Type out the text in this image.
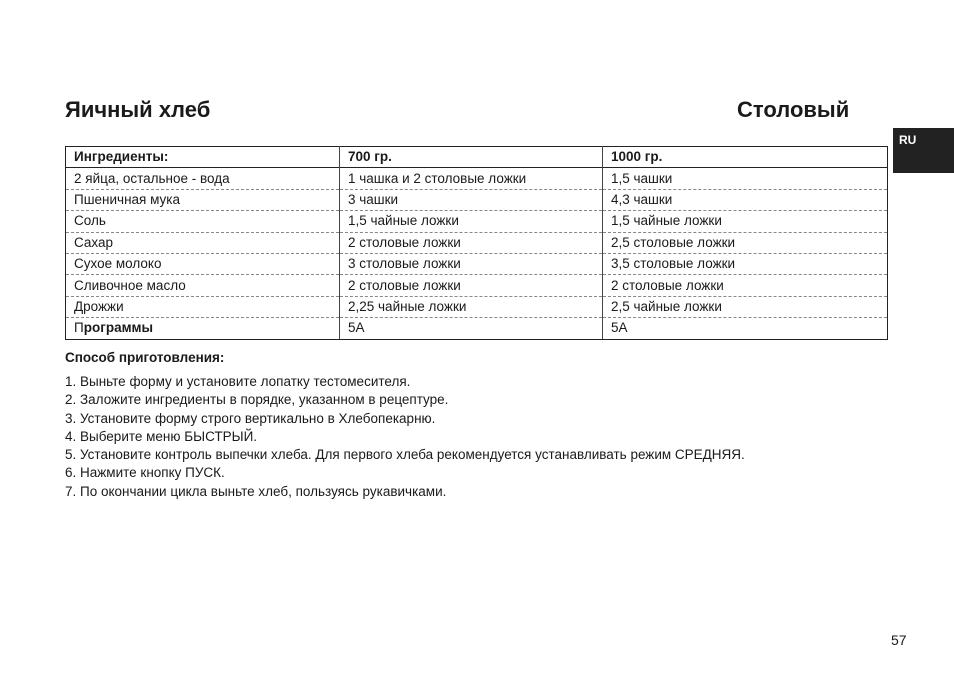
Яичный хлеб	Столовый
RU
Ингредиенты:	700 гр.	1000 гр.
2 яйца, остальное - вода	1 чашка и 2 столовые ложки	1,5 чашки
Пшеничная мука	3 чашки	4,3 чашки
Соль	1,5 чайные ложки	1,5 чайные ложки
Сахар	2 столовые ложки	2,5 столовые ложки
Сухое молоко	3 столовые ложки	3,5 столовые ложки
Сливочное масло	2 столовые ложки	2 столовые ложки
Дрожжи	2,25 чайные ложки	2,5 чайные ложки
Программы	5А	5А
Способ приготовления:
1. Выньте форму и установите лопатку тестомесителя.
2. Заложите ингредиенты в порядке, указанном в рецептуре.
3. Установите форму строго вертикально в Хлебопекарню.
4. Выберите меню БЫСТРЫЙ.
5. Установите контроль выпечки хлеба. Для первого хлеба рекомендуется устанавливать режим СРЕДНЯЯ.
6. Нажмите кнопку ПУСК.
7. По окончании цикла выньте хлеб, пользуясь рукавичками.
57
